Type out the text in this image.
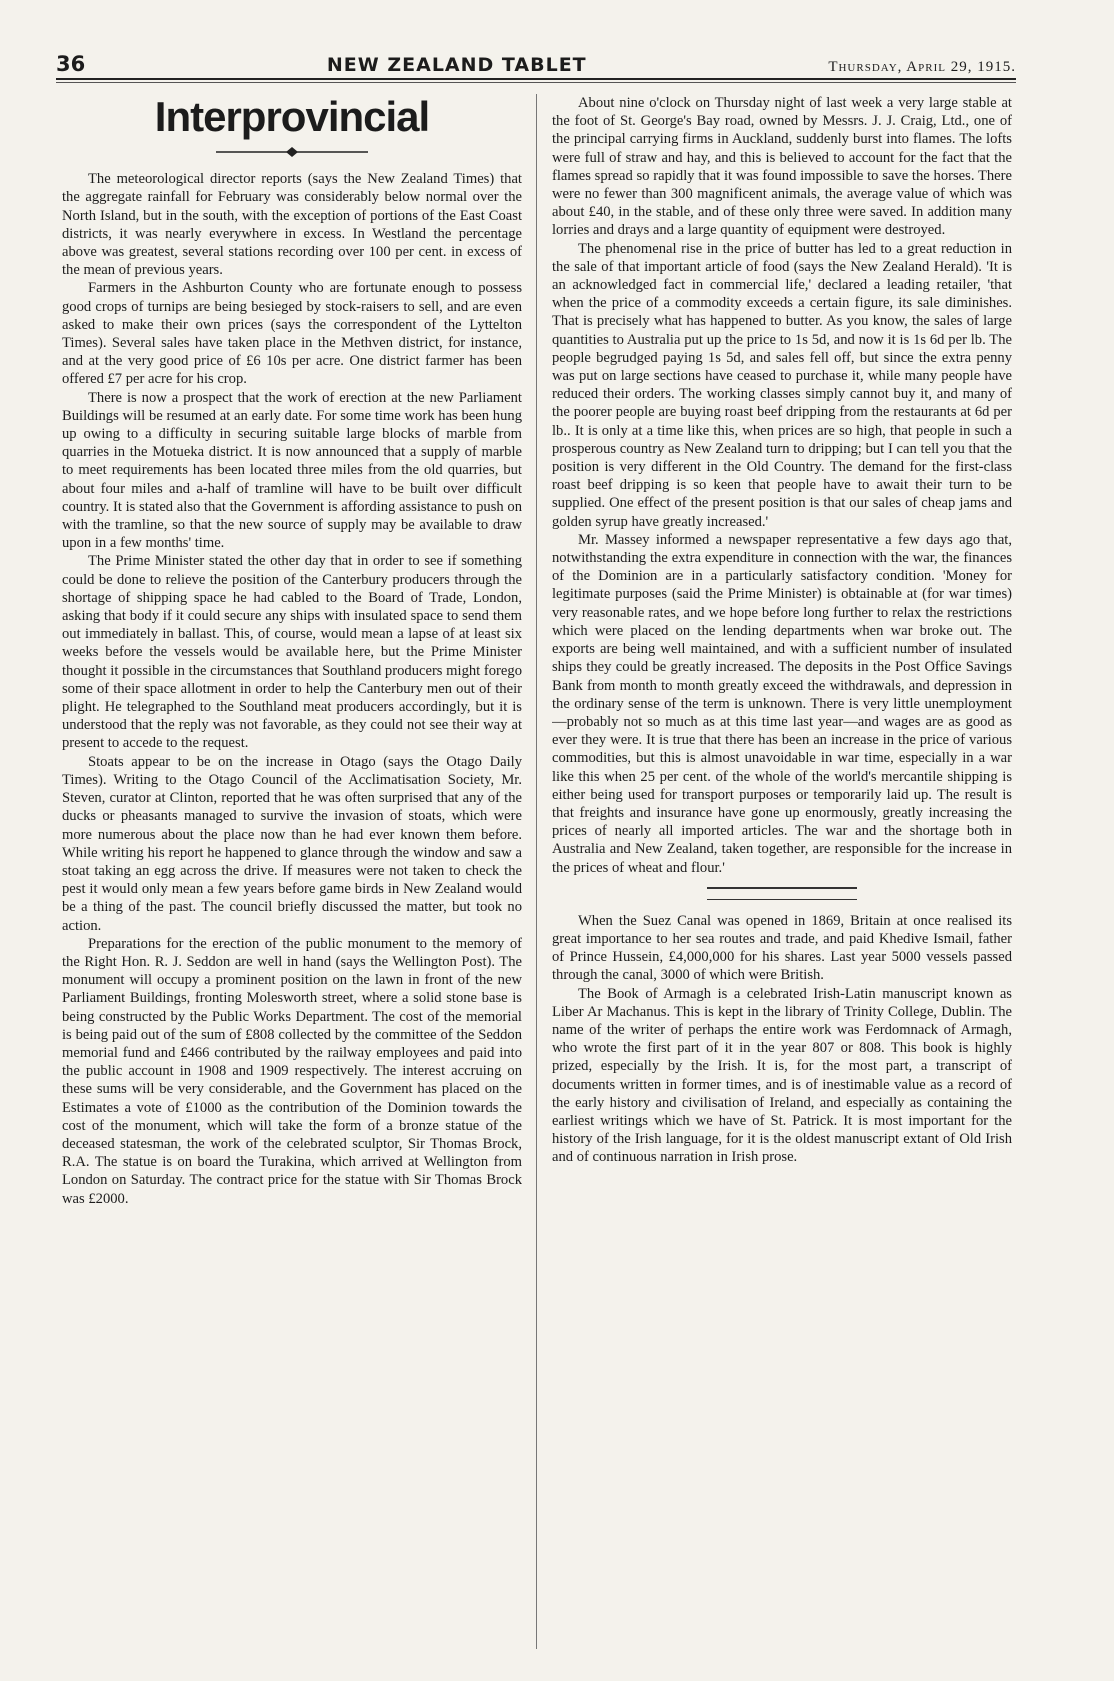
36	NEW ZEALAND TABLET	Thursday, April 29, 1915.
Interprovincial

The meteorological director reports (says the New Zealand Times) that the aggregate rainfall for February was considerably below normal over the North Island, but in the south, with the exception of portions of the East Coast districts, it was nearly everywhere in excess. In Westland the percentage above was greatest, several stations recording over 100 per cent. in excess of the mean of previous years.

Farmers in the Ashburton County who are fortunate enough to possess good crops of turnips are being besieged by stock-raisers to sell, and are even asked to make their own prices (says the correspondent of the Lyttelton Times). Several sales have taken place in the Methven district, for instance, and at the very good price of £6 10s per acre. One district farmer has been offered £7 per acre for his crop.

There is now a prospect that the work of erection at the new Parliament Buildings will be resumed at an early date. For some time work has been hung up owing to a difficulty in securing suitable large blocks of marble from quarries in the Motueka district. It is now announced that a supply of marble to meet requirements has been located three miles from the old quarries, but about four miles and a-half of tramline will have to be built over difficult country. It is stated also that the Government is affording assistance to push on with the tramline, so that the new source of supply may be available to draw upon in a few months' time.

The Prime Minister stated the other day that in order to see if something could be done to relieve the position of the Canterbury producers through the shortage of shipping space he had cabled to the Board of Trade, London, asking that body if it could secure any ships with insulated space to send them out immediately in ballast. This, of course, would mean a lapse of at least six weeks before the vessels would be available here, but the Prime Minister thought it possible in the circumstances that Southland producers might forego some of their space allotment in order to help the Canterbury men out of their plight. He telegraphed to the Southland meat producers accordingly, but it is understood that the reply was not favorable, as they could not see their way at present to accede to the request.

Stoats appear to be on the increase in Otago (says the Otago Daily Times). Writing to the Otago Council of the Acclimatisation Society, Mr. Steven, curator at Clinton, reported that he was often surprised that any of the ducks or pheasants managed to survive the invasion of stoats, which were more numerous about the place now than he had ever known them before. While writing his report he happened to glance through the window and saw a stoat taking an egg across the drive. If measures were not taken to check the pest it would only mean a few years before game birds in New Zealand would be a thing of the past. The council briefly discussed the matter, but took no action.

Preparations for the erection of the public monument to the memory of the Right Hon. R. J. Seddon are well in hand (says the Wellington Post). The monument will occupy a prominent position on the lawn in front of the new Parliament Buildings, fronting Molesworth street, where a solid stone base is being constructed by the Public Works Department. The cost of the memorial is being paid out of the sum of £808 collected by the committee of the Seddon memorial fund and £466 contributed by the railway employees and paid into the public account in 1908 and 1909 respectively. The interest accruing on these sums will be very considerable, and the Government has placed on the Estimates a vote of £1000 as the contribution of the Dominion towards the cost of the monument, which will take the form of a bronze statue of the deceased statesman, the work of the celebrated sculptor, Sir Thomas Brock, R.A. The statue is on board the Turakina, which arrived at Wellington from London on Saturday. The contract price for the statue with Sir Thomas Brock was £2000.

About nine o'clock on Thursday night of last week a very large stable at the foot of St. George's Bay road, owned by Messrs. J. J. Craig, Ltd., one of the principal carrying firms in Auckland, suddenly burst into flames. The lofts were full of straw and hay, and this is believed to account for the fact that the flames spread so rapidly that it was found impossible to save the horses. There were no fewer than 300 magnificent animals, the average value of which was about £40, in the stable, and of these only three were saved. In addition many lorries and drays and a large quantity of equipment were destroyed.

The phenomenal rise in the price of butter has led to a great reduction in the sale of that important article of food (says the New Zealand Herald). 'It is an acknowledged fact in commercial life,' declared a leading retailer, 'that when the price of a commodity exceeds a certain figure, its sale diminishes. That is precisely what has happened to butter. As you know, the sales of large quantities to Australia put up the price to 1s 5d, and now it is 1s 6d per lb. The people begrudged paying 1s 5d, and sales fell off, but since the extra penny was put on large sections have ceased to purchase it, while many people have reduced their orders. The working classes simply cannot buy it, and many of the poorer people are buying roast beef dripping from the restaurants at 6d per lb.. It is only at a time like this, when prices are so high, that people in such a prosperous country as New Zealand turn to dripping; but I can tell you that the position is very different in the Old Country. The demand for the first-class roast beef dripping is so keen that people have to await their turn to be supplied. One effect of the present position is that our sales of cheap jams and golden syrup have greatly increased.'

Mr. Massey informed a newspaper representative a few days ago that, notwithstanding the extra expenditure in connection with the war, the finances of the Dominion are in a particularly satisfactory condition. 'Money for legitimate purposes (said the Prime Minister) is obtainable at (for war times) very reasonable rates, and we hope before long further to relax the restrictions which were placed on the lending departments when war broke out. The exports are being well maintained, and with a sufficient number of insulated ships they could be greatly increased. The deposits in the Post Office Savings Bank from month to month greatly exceed the withdrawals, and depression in the ordinary sense of the term is unknown. There is very little unemployment—probably not so much as at this time last year—and wages are as good as ever they were. It is true that there has been an increase in the price of various commodities, but this is almost unavoidable in war time, especially in a war like this when 25 per cent. of the whole of the world's mercantile shipping is either being used for transport purposes or temporarily laid up. The result is that freights and insurance have gone up enormously, greatly increasing the prices of nearly all imported articles. The war and the shortage both in Australia and New Zealand, taken together, are responsible for the increase in the prices of wheat and flour.'

When the Suez Canal was opened in 1869, Britain at once realised its great importance to her sea routes and trade, and paid Khedive Ismail, father of Prince Hussein, £4,000,000 for his shares. Last year 5000 vessels passed through the canal, 3000 of which were British.

The Book of Armagh is a celebrated Irish-Latin manuscript known as Liber Ar Machanus. This is kept in the library of Trinity College, Dublin. The name of the writer of perhaps the entire work was Ferdomnack of Armagh, who wrote the first part of it in the year 807 or 808. This book is highly prized, especially by the Irish. It is, for the most part, a transcript of documents written in former times, and is of inestimable value as a record of the early history and civilisation of Ireland, and especially as containing the earliest writings which we have of St. Patrick. It is most important for the history of the Irish language, for it is the oldest manuscript extant of Old Irish and of continuous narration in Irish prose.
